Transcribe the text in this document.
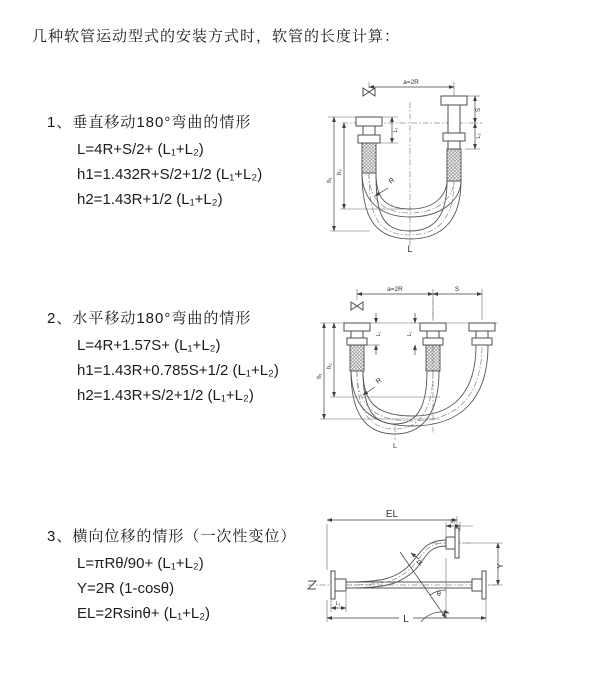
几种软管运动型式的安装方式时，软管的长度计算：
1、垂直移动180°弯曲的情形
L=4R+S/2+ (L₁+L₂)
h1=1.432R+S/2+1/2 (L₁+L₂)
h2=1.43R+1/2 (L₁+L₂)
a=2R
R
h₁
h₂
L₁
S
L₂
L
2、水平移动180°弯曲的情形
L=4R+1.57S+ (L₁+L₂)
h1=1.43R+0.785S+1/2 (L₁+L₂)
h2=1.43R+S/2+1/2 (L₁+L₂)
a=2R	S
L₁	L₂
R
h₁
h₂
L
3、横向位移的情形（一次性变位）
L=πRθ/90+ (L₁+L₂)
Y=2R (1-cosθ)
EL=2Rsinθ+ (L₁+L₂)
θ
R
EL
L₂
Y
L
L₁
